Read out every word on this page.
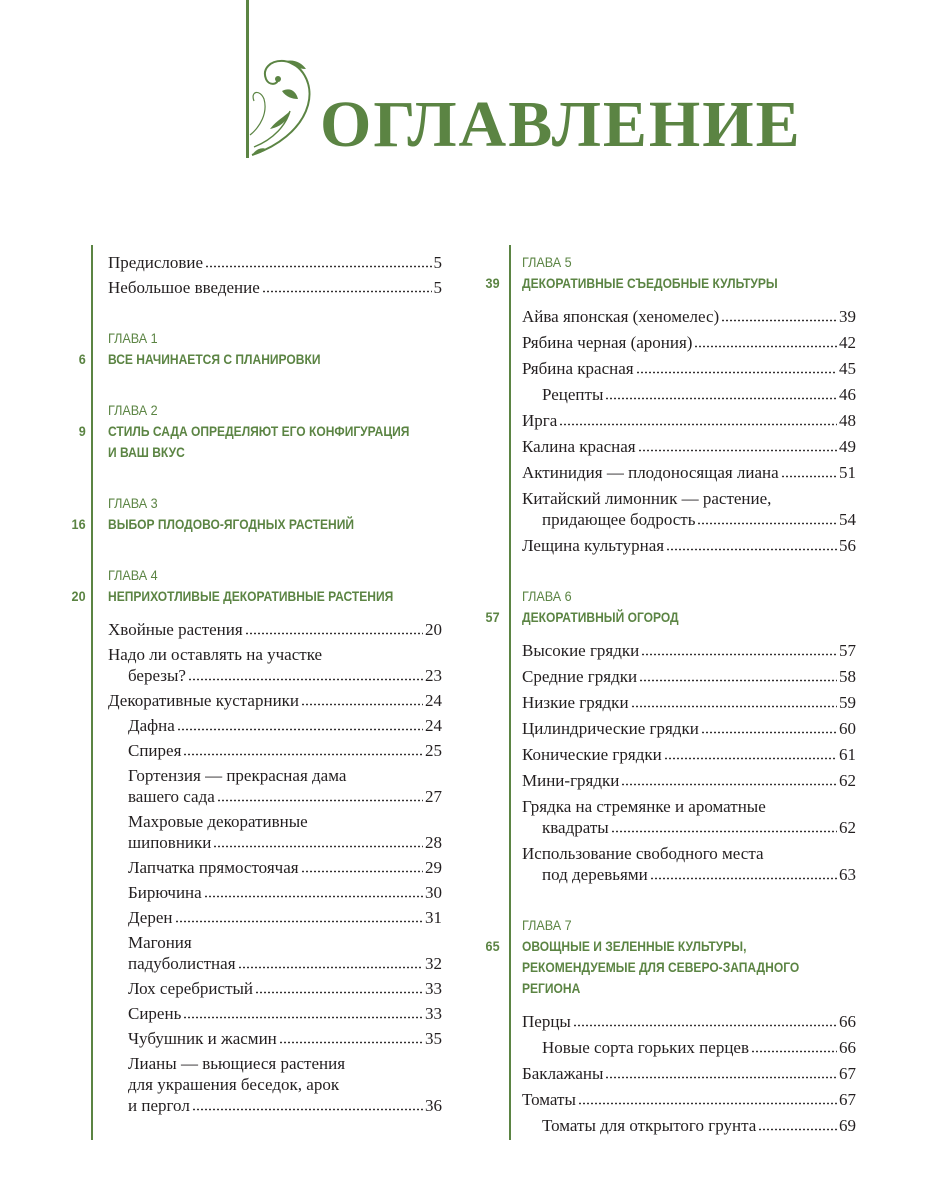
ОГЛАВЛЕНИЕ
Предисловие	5
Небольшое введение	5
ГЛАВА 1
6 ВСЕ НАЧИНАЕТСЯ С ПЛАНИРОВКИ
ГЛАВА 2
9 СТИЛЬ САДА ОПРЕДЕЛЯЮТ ЕГО КОНФИГУРАЦИЯ
И ВАШ ВКУС
ГЛАВА 3
16 ВЫБОР ПЛОДОВО-ЯГОДНЫХ РАСТЕНИЙ
ГЛАВА 4
20 НЕПРИХОТЛИВЫЕ ДЕКОРАТИВНЫЕ РАСТЕНИЯ
Хвойные растения	20
Надо ли оставлять на участке
березы?	23
Декоративные кустарники	24
Дафна	24
Спирея	25
Гортензия — прекрасная дама
вашего сада	27
Махровые декоративные
шиповники	28
Лапчатка прямостоячая	29
Бирючина	30
Дерен	31
Магония
падуболистная	32
Лох серебристый	33
Сирень	33
Чубушник и жасмин	35
Лианы — вьющиеся растения
для украшения беседок, арок
и пергол	36
ГЛАВА 5
39 ДЕКОРАТИВНЫЕ СЪЕДОБНЫЕ КУЛЬТУРЫ
Айва японская (хеномелес)	39
Рябина черная (арония)	42
Рябина красная	45
Рецепты	46
Ирга	48
Калина красная	49
Актинидия — плодоносящая лиана	51
Китайский лимонник — растение,
придающее бодрость	54
Лещина культурная	56
ГЛАВА 6
57 ДЕКОРАТИВНЫЙ ОГОРОД
Высокие грядки	57
Средние грядки	58
Низкие грядки	59
Цилиндрические грядки	60
Конические грядки	61
Мини-грядки	62
Грядка на стремянке и ароматные
квадраты	62
Использование свободного места
под деревьями	63
ГЛАВА 7
65 ОВОЩНЫЕ И ЗЕЛЕННЫЕ КУЛЬТУРЫ,
РЕКОМЕНДУЕМЫЕ ДЛЯ СЕВЕРО-ЗАПАДНОГО
РЕГИОНА
Перцы	66
Новые сорта горьких перцев	66
Баклажаны	67
Томаты	67
Томаты для открытого грунта	69
